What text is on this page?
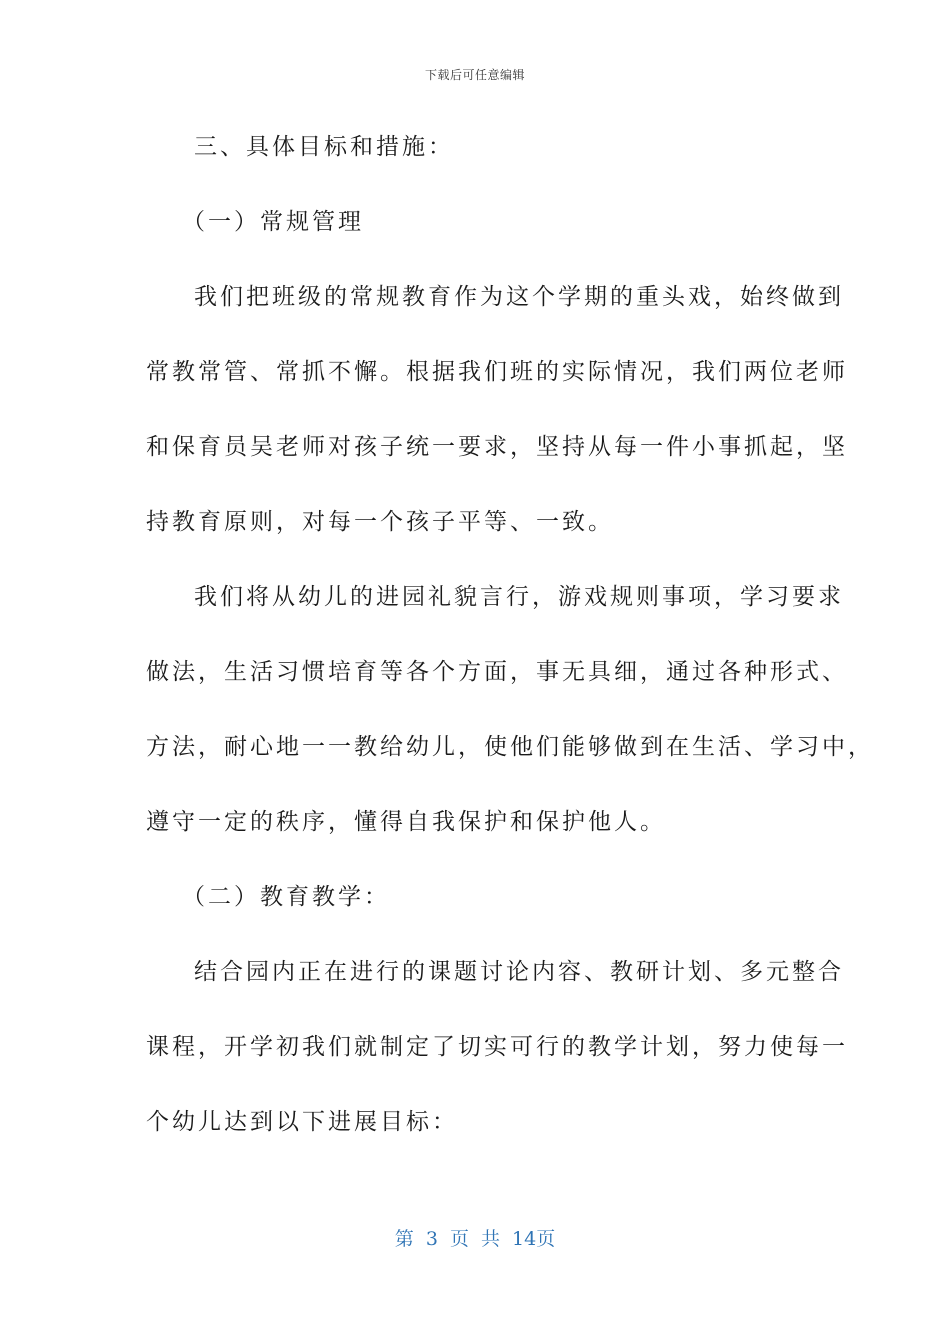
下载后可任意编辑
三、具体目标和措施：
（一）常规管理
我们把班级的常规教育作为这个学期的重头戏，始终做到
常教常管、常抓不懈。根据我们班的实际情况，我们两位老师
和保育员吴老师对孩子统一要求，坚持从每一件小事抓起，坚
持教育原则，对每一个孩子平等、一致。
我们将从幼儿的进园礼貌言行，游戏规则事项，学习要求
做法，生活习惯培育等各个方面，事无具细，通过各种形式、
方法，耐心地一一教给幼儿，使他们能够做到在生活、学习中，
遵守一定的秩序，懂得自我保护和保护他人。
（二）教育教学：
结合园内正在进行的课题讨论内容、教研计划、多元整合
课程，开学初我们就制定了切实可行的教学计划，努力使每一
个幼儿达到以下进展目标：
第 3 页 共 14页
